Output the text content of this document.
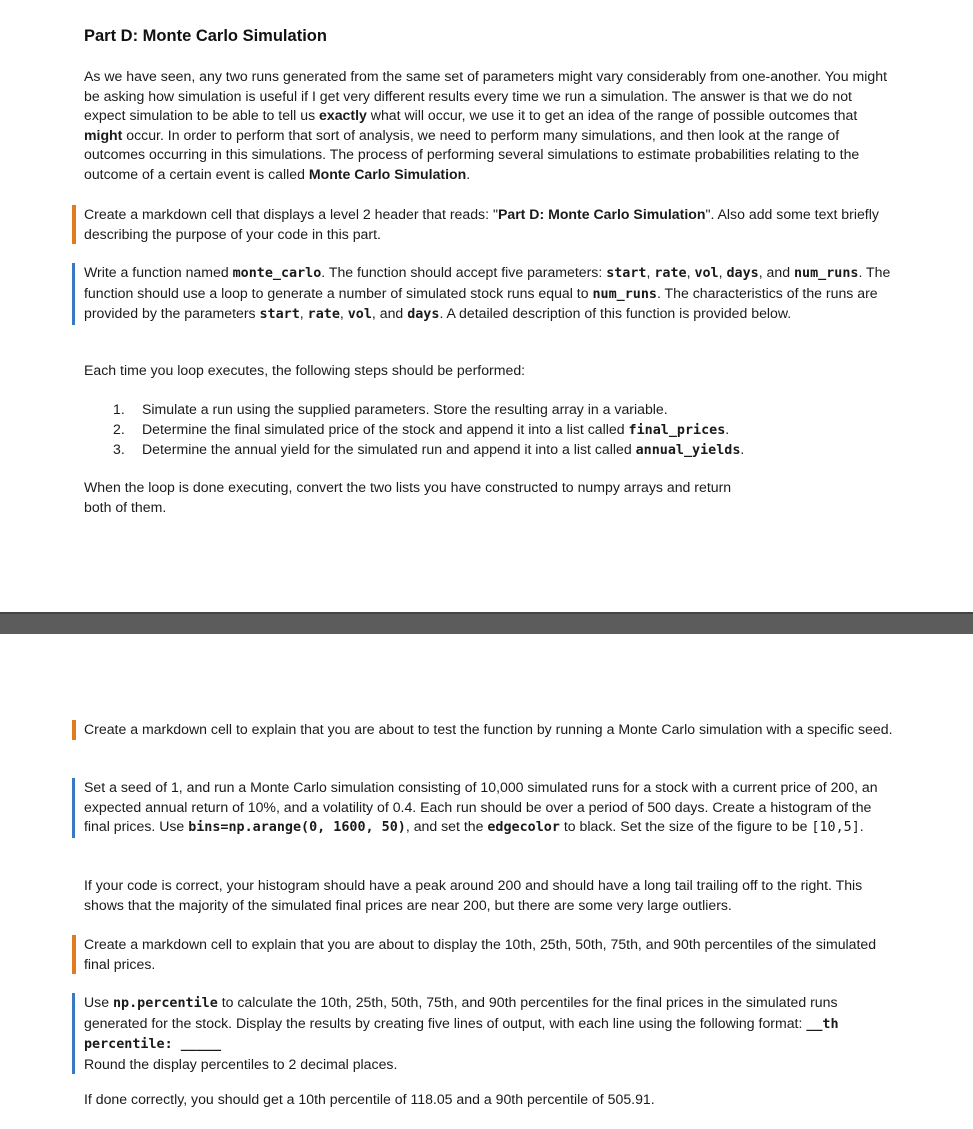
Part D: Monte Carlo Simulation
As we have seen, any two runs generated from the same set of parameters might vary considerably from one-another. You might be asking how simulation is useful if I get very different results every time we run a simulation. The answer is that we do not expect simulation to be able to tell us exactly what will occur, we use it to get an idea of the range of possible outcomes that might occur. In order to perform that sort of analysis, we need to perform many simulations, and then look at the range of outcomes occurring in this simulations. The process of performing several simulations to estimate probabilities relating to the outcome of a certain event is called Monte Carlo Simulation.
Create a markdown cell that displays a level 2 header that reads: "Part D: Monte Carlo Simulation". Also add some text briefly describing the purpose of your code in this part.
Write a function named monte_carlo. The function should accept five parameters: start, rate, vol, days, and num_runs. The function should use a loop to generate a number of simulated stock runs equal to num_runs. The characteristics of the runs are provided by the parameters start, rate, vol, and days. A detailed description of this function is provided below.
Each time you loop executes, the following steps should be performed:
1. Simulate a run using the supplied parameters. Store the resulting array in a variable.
2. Determine the final simulated price of the stock and append it into a list called final_prices.
3. Determine the annual yield for the simulated run and append it into a list called annual_yields.
When the loop is done executing, convert the two lists you have constructed to numpy arrays and return both of them.
Create a markdown cell to explain that you are about to test the function by running a Monte Carlo simulation with a specific seed.
Set a seed of 1, and run a Monte Carlo simulation consisting of 10,000 simulated runs for a stock with a current price of 200, an expected annual return of 10%, and a volatility of 0.4. Each run should be over a period of 500 days. Create a histogram of the final prices. Use bins=np.arange(0, 1600, 50), and set the edgecolor to black. Set the size of the figure to be [10,5].
If your code is correct, your histogram should have a peak around 200 and should have a long tail trailing off to the right. This shows that the majority of the simulated final prices are near 200, but there are some very large outliers.
Create a markdown cell to explain that you are about to display the 10th, 25th, 50th, 75th, and 90th percentiles of the simulated final prices.
Use np.percentile to calculate the 10th, 25th, 50th, 75th, and 90th percentiles for the final prices in the simulated runs generated for the stock. Display the results by creating five lines of output, with each line using the following format: __th percentile: _____
Round the display percentiles to 2 decimal places.
If done correctly, you should get a 10th percentile of 118.05 and a 90th percentile of 505.91.
